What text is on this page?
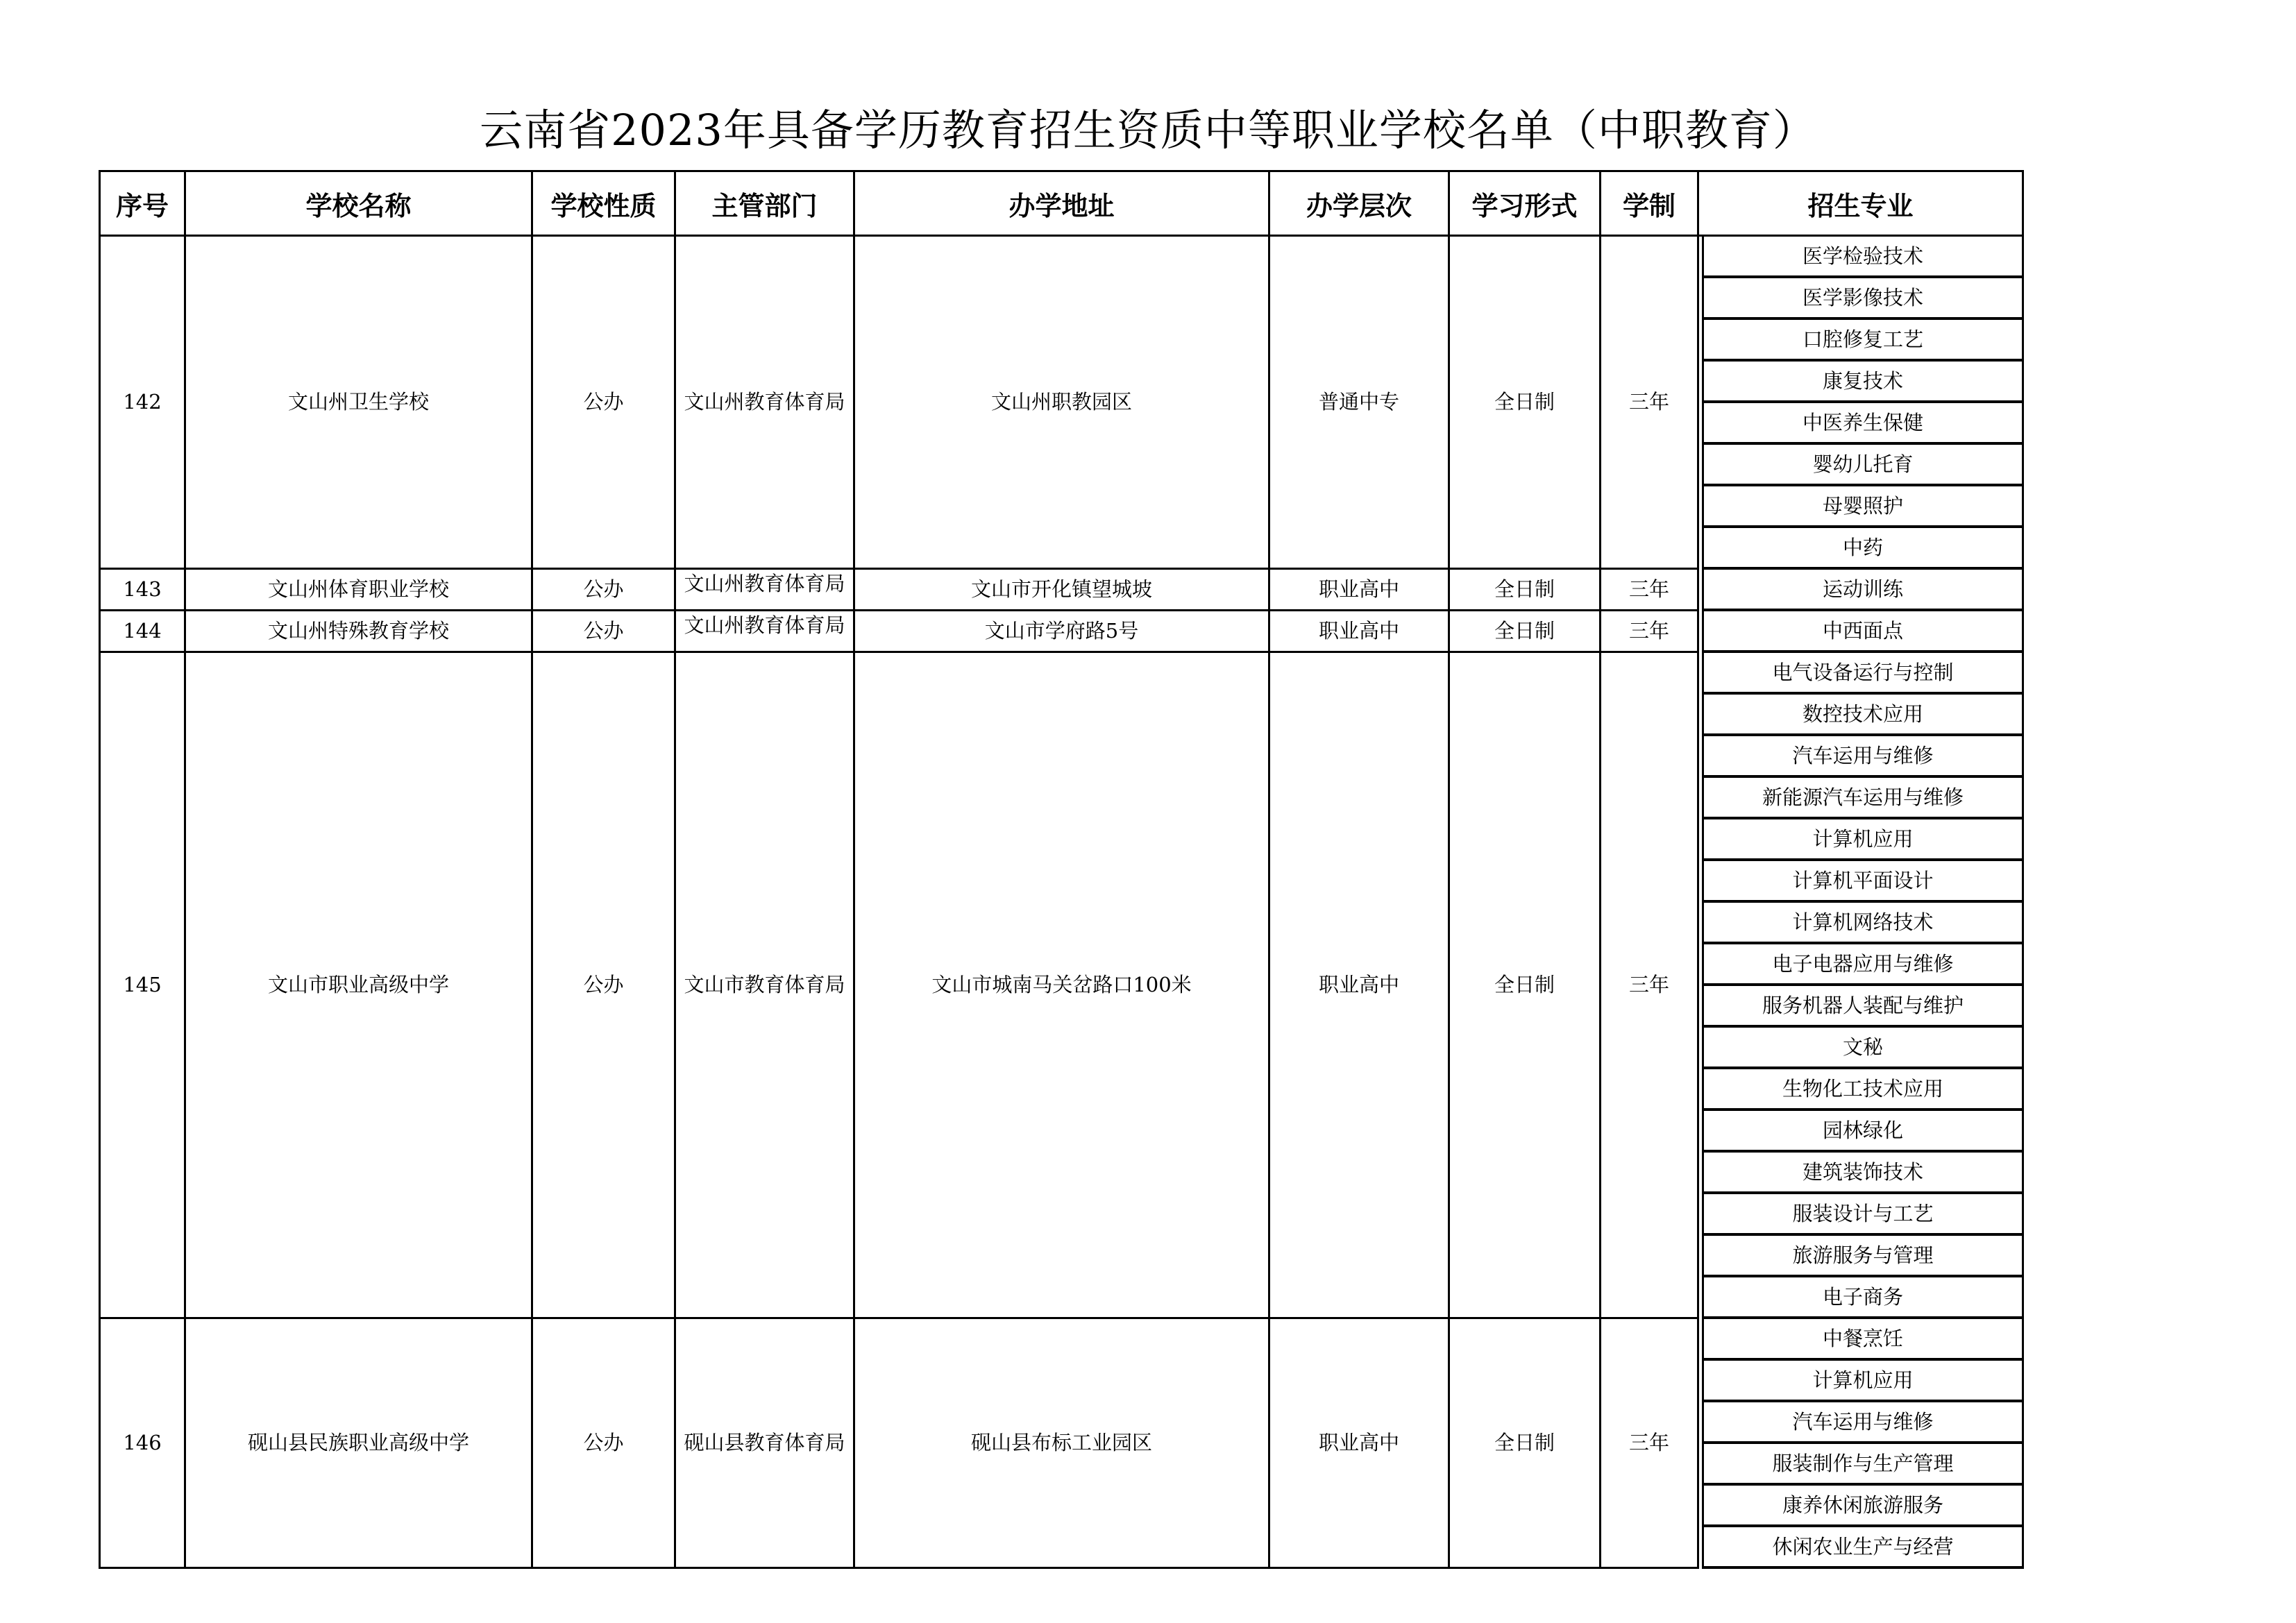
云南省2023年具备学历教育招生资质中等职业学校名单（中职教育）
序号	学校名称	学校性质	主管部门	办学地址	办学层次	学习形式	学制	招生专业	
142	文山州卫生学校	公办	文山州教育体育局	文山州职教园区	普通中专	全日制	三年		医学检验技术
									医学影像技术
									口腔修复工艺
									康复技术
									中医养生保健
									婴幼儿托育
									母婴照护
									中药
143	文山州体育职业学校	公办	文山州教育体育局	文山市开化镇望城坡	职业高中	全日制	三年		运动训练
144	文山州特殊教育学校	公办	文山州教育体育局	文山市学府路5号	职业高中	全日制	三年		中西面点
145	文山市职业高级中学	公办	文山市教育体育局	文山市城南马关岔路口100米	职业高中	全日制	三年		电气设备运行与控制
									数控技术应用
									汽车运用与维修
									新能源汽车运用与维修
									计算机应用
									计算机平面设计
									计算机网络技术
									电子电器应用与维修
									服务机器人装配与维护
									文秘
									生物化工技术应用
									园林绿化
									建筑装饰技术
									服装设计与工艺
									旅游服务与管理
									电子商务
146	砚山县民族职业高级中学	公办	砚山县教育体育局	砚山县布标工业园区	职业高中	全日制	三年		中餐烹饪
									计算机应用
									汽车运用与维修
									服装制作与生产管理
									康养休闲旅游服务
									休闲农业生产与经营
